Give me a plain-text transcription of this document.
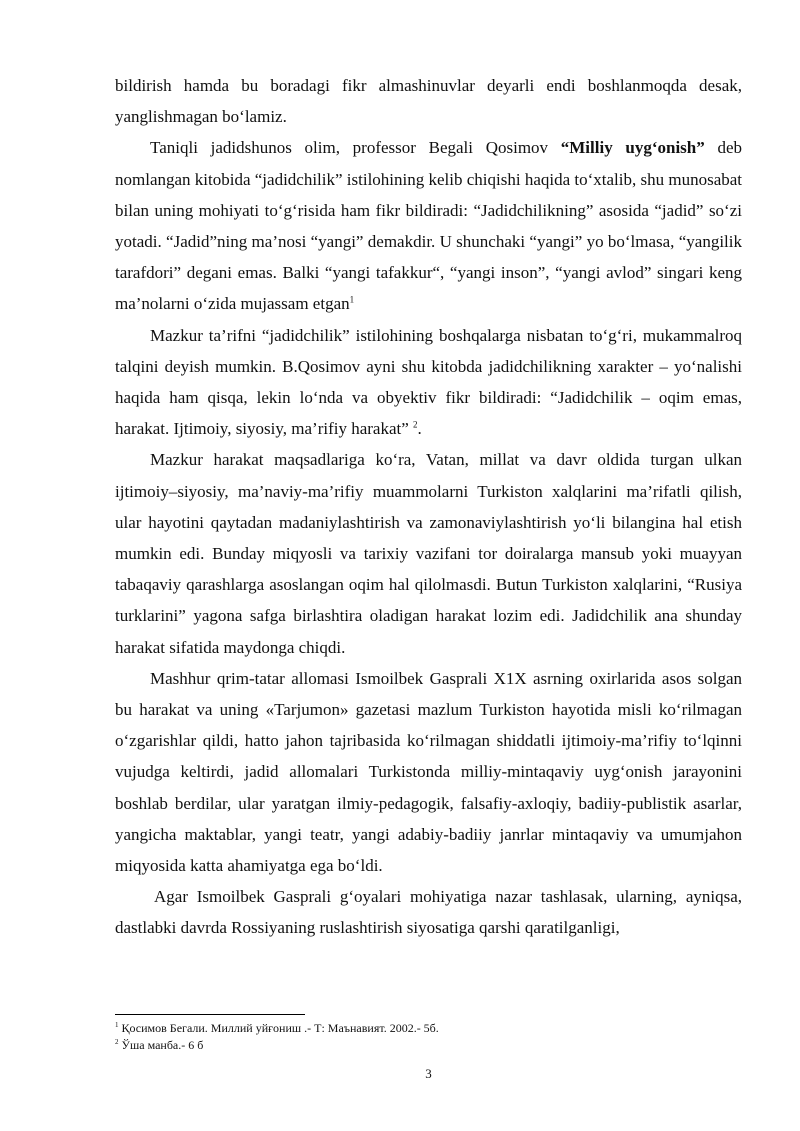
bildirish hamda bu boradagi fikr almashinuvlar deyarli endi boshlanmoqda desak, yanglishmagan bo‘lamiz.

Taniqli jadidshunos olim, professor Begali Qosimov “Milliy uyg‘onish” deb nomlangan kitobida “jadidchilik” istilohining kelib chiqishi haqida to‘xtalib, shu munosabat bilan uning mohiyati to‘g‘risida ham fikr bildiradi: “Jadidchilikning” asosida “jadid” so‘zi yotadi. “Jadid”ning ma’nosi “yangi” demakdir. U shunchaki “yangi” yo bo‘lmasa, “yangilik tarafdori” degani emas. Balki “yangi tafakkur“, “yangi inson”, “yangi avlod” singari keng ma’nolarni o‘zida mujassam etgan$^1$

Mazkur ta’rifni “jadidchilik” istilohining boshqalarga nisbatan to‘g‘ri, mukammalroq talqini deyish mumkin. B.Qosimov ayni shu kitobda jadidchilikning xarakter – yo‘nalishi haqida ham qisqa, lekin lo‘nda va obyektiv fikr bildiradi: “Jadidchilik – oqim emas, harakat. Ijtimoiy, siyosiy, ma’rifiy harakat” $^2$.

Mazkur harakat maqsadlariga ko‘ra, Vatan, millat va davr oldida turgan ulkan ijtimoiy–siyosiy, ma’naviy-ma’rifiy muammolarni Turkiston xalqlarini ma’rifatli qilish, ular hayotini qaytadan madaniylashtirish va zamonaviylashtirish yo‘li bilangina hal etish mumkin edi. Bunday miqyosli va tarixiy vazifani tor doiralarga mansub yoki muayyan tabaqaviy qarashlarga asoslangan oqim hal qilolmasdi. Butun Turkiston xalqlarini, “Rusiya turklarini” yagona safga birlashtira oladigan harakat lozim edi. Jadidchilik ana shunday harakat sifatida maydonga chiqdi.

Mashhur qrim-tatar allomasi Ismoilbek Gasprali X1X asrning oxirlarida asos solgan bu harakat va uning «Tarjumon» gazetasi mazlum Turkiston hayotida misli ko‘rilmagan o‘zgarishlar qildi, hatto jahon tajribasida ko‘rilmagan shiddatli ijtimoiy-ma’rifiy to‘lqinni vujudga keltirdi, jadid allomalari Turkistonda milliy-mintaqaviy uyg‘onish jarayonini boshlab berdilar, ular yaratgan ilmiy-pedagogik, falsafiy-axloqiy, badiiy-publistik asarlar, yangicha maktablar, yangi teatr, yangi adabiy-badiiy janrlar mintaqaviy va umumjahon miqyosida katta ahamiyatga ega bo‘ldi.

Agar Ismoilbek Gasprali g‘oyalari mohiyatiga nazar tashlasak, ularning, ayniqsa, dastlabki davrda Rossiyaning ruslashtirish siyosatiga qarshi qaratilganligi,

$^1$ Қосимов Бегали. Миллий уйғониш .- Т: Маънавият. 2002.- 5б.

$^2$ Ўша манба.- 6 б

3
